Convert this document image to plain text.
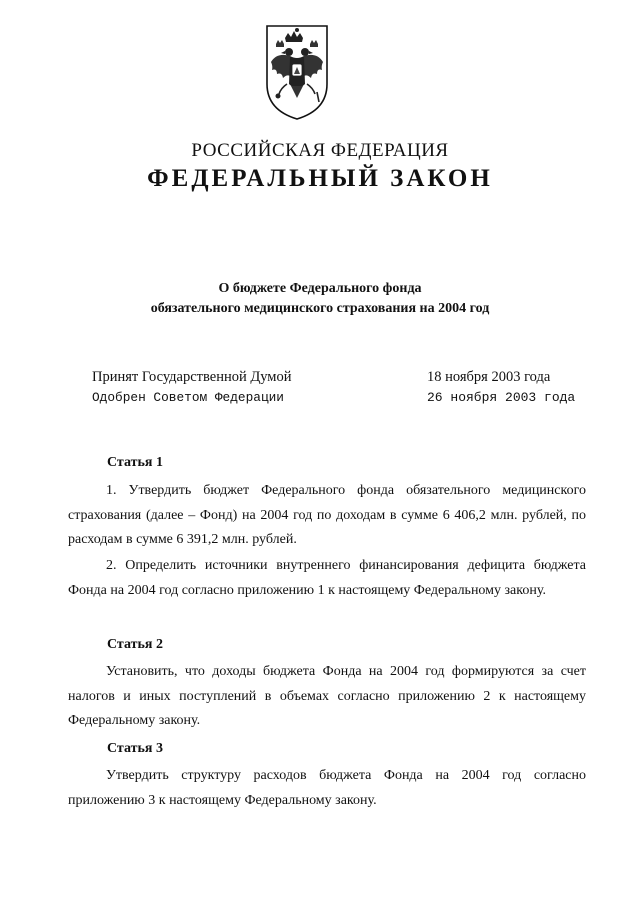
РОССИЙСКАЯ ФЕДЕРАЦИЯ
ФЕДЕРАЛЬНЫЙ ЗАКОН
О бюджете Федерального фонда
обязательного медицинского страхования на 2004 год
Принят Государственной Думой	18 ноября 2003 года
Одобрен Советом Федерации	26 ноября 2003 года
Статья 1

1. Утвердить бюджет Федерального фонда обязательного медицинского страхования (далее – Фонд) на 2004 год по доходам в сумме 6 406,2 млн. рублей, по расходам в сумме 6 391,2 млн. рублей.

2. Определить источники внутреннего финансирования дефицита бюджета Фонда на 2004 год согласно приложению 1 к настоящему Федеральному закону.

Статья 2

Установить, что доходы бюджета Фонда на 2004 год формируются за счет налогов и иных поступлений в объемах согласно приложению 2 к настоящему Федеральному закону.

Статья 3

Утвердить структуру расходов бюджета Фонда на 2004 год согласно приложению 3 к настоящему Федеральному закону.
